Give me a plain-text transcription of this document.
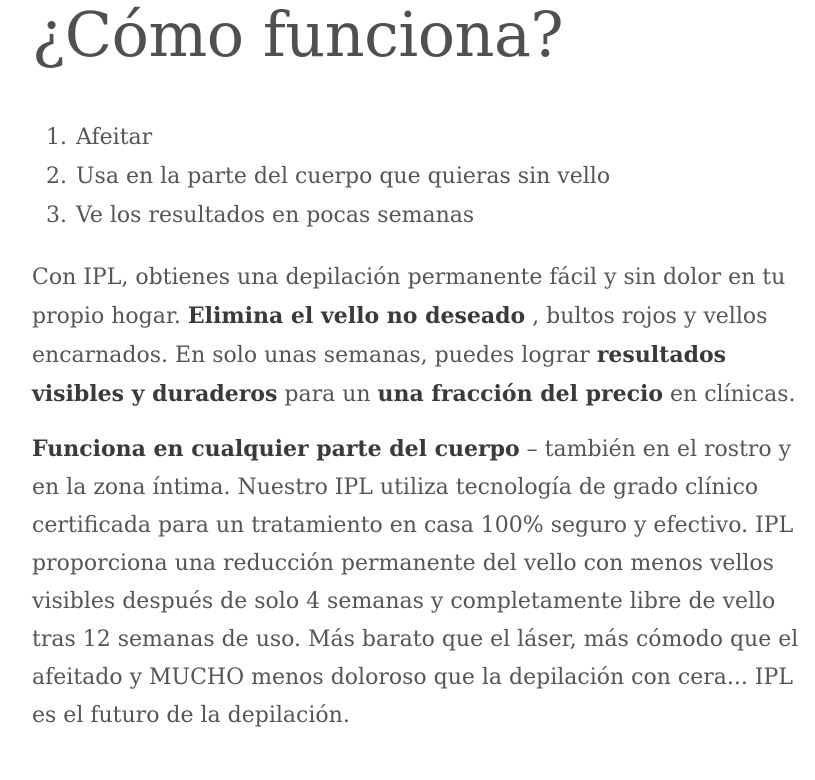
¿Cómo funciona?
1. Afeitar
2. Usa en la parte del cuerpo que quieras sin vello
3. Ve los resultados en pocas semanas

Con IPL, obtienes una depilación permanente fácil y sin dolor en tu propio hogar. Elimina el vello no deseado , bultos rojos y vellos encarnados. En solo unas semanas, puedes lograr resultados visibles y duraderos para un una fracción del precio en clínicas.

Funciona en cualquier parte del cuerpo – también en el rostro y en la zona íntima. Nuestro IPL utiliza tecnología de grado clínico certificada para un tratamiento en casa 100% seguro y efectivo. IPL proporciona una reducción permanente del vello con menos vellos visibles después de solo 4 semanas y completamente libre de vello tras 12 semanas de uso. Más barato que el láser, más cómodo que el afeitado y MUCHO menos doloroso que la depilación con cera... IPL es el futuro de la depilación.
